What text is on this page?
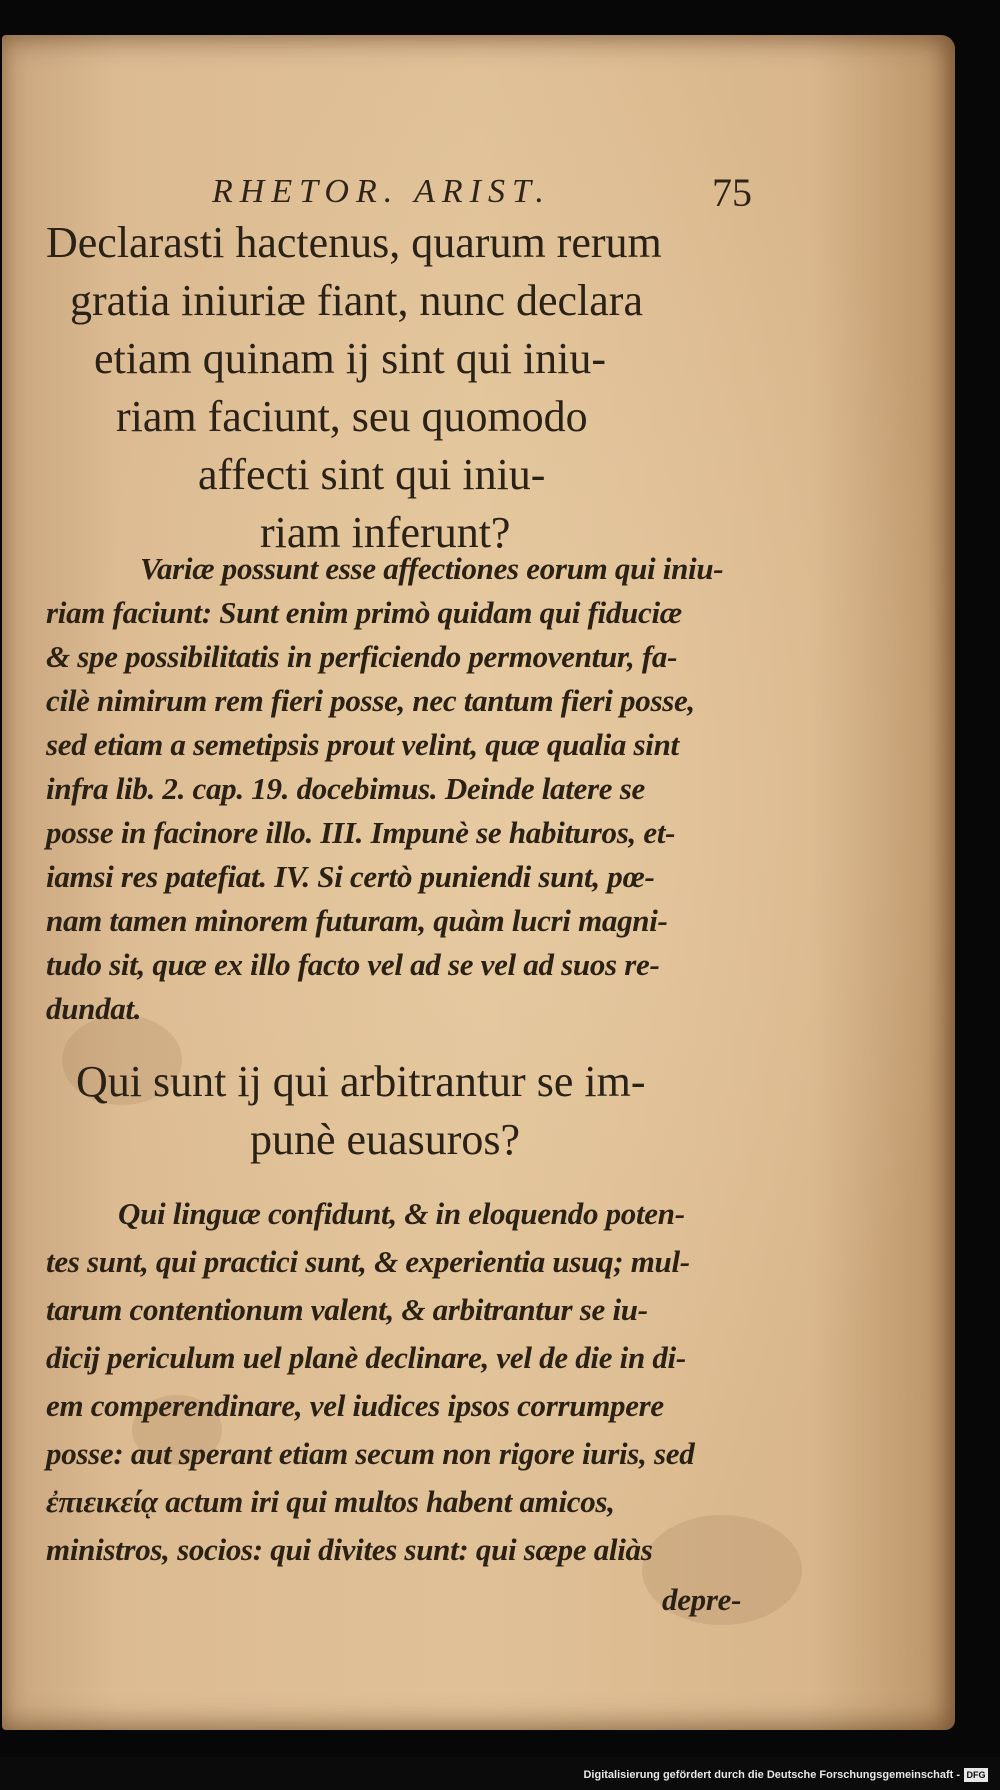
RHETOR. ARIST.	75
Declarasti hactenus, quarum rerum
gratia iniuriæ fiant, nunc declara
etiam quinam ij sint qui iniu-
riam faciunt, seu quomodo
affecti sint qui iniu-
riam inferunt?
Variæ possunt esse affectiones eorum qui iniu-
riam faciunt: Sunt enim primò quidam qui fiduciæ
& spe possibilitatis in perficiendo permoventur, fa-
cilè nimirum rem fieri posse, nec tantum fieri posse,
sed etiam a semetipsis prout velint, quæ qualia sint
infra lib. 2. cap. 19. docebimus. Deinde latere se
posse in facinore illo. III. Impunè se habituros, et-
iamsi res patefiat. IV. Si certò puniendi sunt, pœ-
nam tamen minorem futuram, quàm lucri magni-
tudo sit, quæ ex illo facto vel ad se vel ad suos re-
dundat.
Qui sunt ij qui arbitrantur se im-
punè euasuros?
Qui linguæ confidunt, & in eloquendo poten-
tes sunt, qui practici sunt, & experientia usuq; mul-
tarum contentionum valent, & arbitrantur se iu-
dicij periculum uel planè declinare, vel de die in di-
em comperendinare, vel iudices ipsos corrumpere
posse: aut sperant etiam secum non rigore iuris, sed
ἐπιεικείᾳ actum iri qui multos habent amicos,
ministros, socios: qui divites sunt: qui sæpe aliàs
depre-
Digitalisierung gefördert durch die Deutsche Forschungsgemeinschaft - DFG
